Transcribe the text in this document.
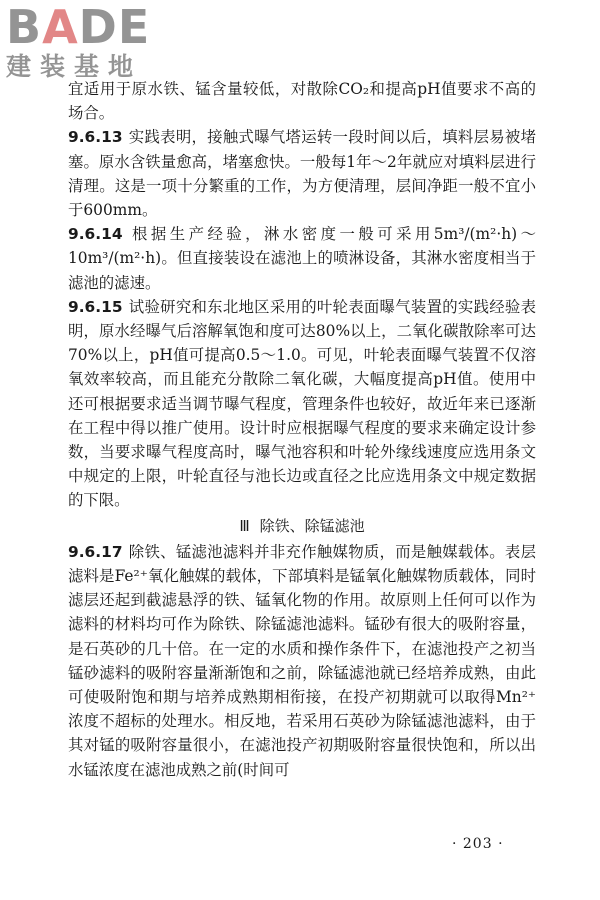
BADE
建装基地

宜适用于原水铁、锰含量较低，对散除CO₂和提高pH值要求不高的场合。

9.6.13 实践表明，接触式曝气塔运转一段时间以后，填料层易被堵塞。原水含铁量愈高，堵塞愈快。一般每1年～2年就应对填料层进行清理。这是一项十分繁重的工作，为方便清理，层间净距一般不宜小于600mm。

9.6.14 根据生产经验，淋水密度一般可采用5m³/(m²·h)～10m³/(m²·h)。但直接装设在滤池上的喷淋设备，其淋水密度相当于滤池的滤速。

9.6.15 试验研究和东北地区采用的叶轮表面曝气装置的实践经验表明，原水经曝气后溶解氧饱和度可达80%以上，二氧化碳散除率可达70%以上，pH值可提高0.5～1.0。可见，叶轮表面曝气装置不仅溶氧效率较高，而且能充分散除二氧化碳，大幅度提高pH值。使用中还可根据要求适当调节曝气程度，管理条件也较好，故近年来已逐渐在工程中得以推广使用。设计时应根据曝气程度的要求来确定设计参数，当要求曝气程度高时，曝气池容积和叶轮外缘线速度应选用条文中规定的上限，叶轮直径与池长边或直径之比应选用条文中规定数据的下限。

Ⅲ 除铁、除锰滤池

9.6.17 除铁、锰滤池滤料并非充作触媒物质，而是触媒载体。表层滤料是Fe²⁺氧化触媒的载体，下部填料是锰氧化触媒物质载体，同时滤层还起到截滤悬浮的铁、锰氧化物的作用。故原则上任何可以作为滤料的材料均可作为除铁、除锰滤池滤料。锰砂有很大的吸附容量，是石英砂的几十倍。在一定的水质和操作条件下，在滤池投产之初当锰砂滤料的吸附容量渐渐饱和之前，除锰滤池就已经培养成熟，由此可使吸附饱和期与培养成熟期相衔接，在投产初期就可以取得Mn²⁺浓度不超标的处理水。相反地，若采用石英砂为除锰滤池滤料，由于其对锰的吸附容量很小，在滤池投产初期吸附容量很快饱和，所以出水锰浓度在滤池成熟之前(时间可

· 203 ·
